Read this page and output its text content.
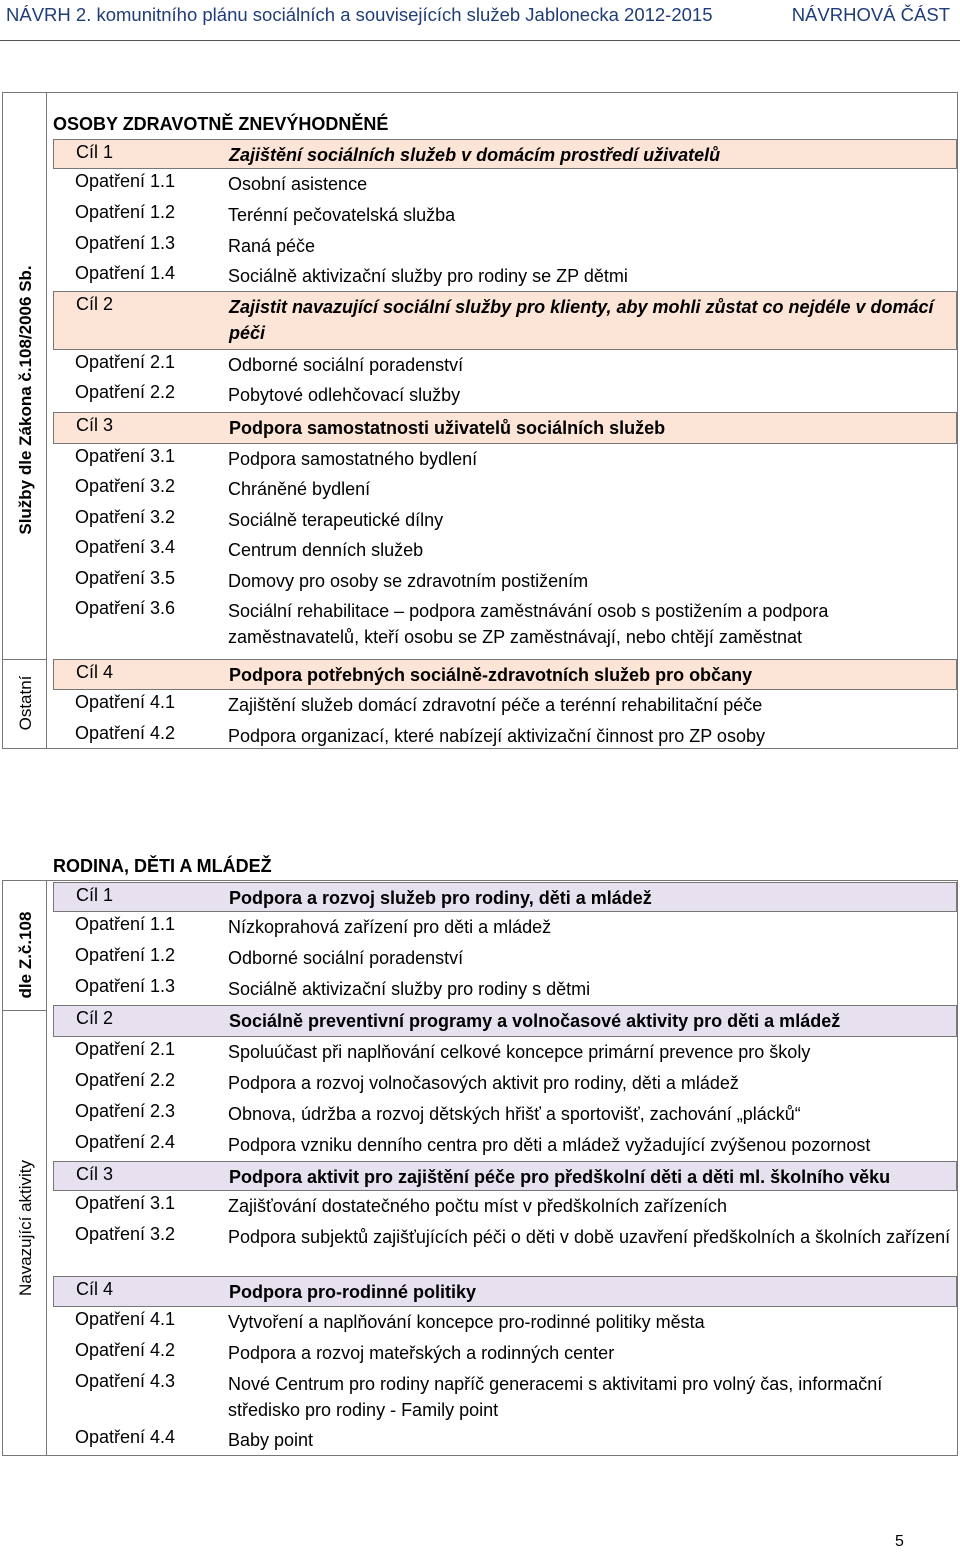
NÁVRH 2. komunitního plánu sociálních a souvisejících služeb Jablonecka 2012-2015	NÁVRHOVÁ ČÁST
OSOBY ZDRAVOTNĚ ZNEVÝHODNĚNÉ
Služby dle Zákona č.108/2006 Sb.
Ostatní
Cíl 1	Zajištění sociálních služeb v domácím prostředí uživatelů
Opatření 1.1	Osobní asistence
Opatření 1.2	Terénní pečovatelská služba
Opatření 1.3	Raná péče
Opatření 1.4	Sociálně aktivizační služby pro rodiny se ZP dětmi
Cíl 2	Zajistit navazující sociální služby pro klienty, aby mohli zůstat co nejdéle v domácí péči
Opatření 2.1	Odborné sociální poradenství
Opatření 2.2	Pobytové odlehčovací služby
Cíl 3	Podpora samostatnosti uživatelů sociálních služeb
Opatření 3.1	Podpora samostatného bydlení
Opatření 3.2	Chráněné bydlení
Opatření 3.2	Sociálně terapeutické dílny
Opatření 3.4	Centrum denních služeb
Opatření 3.5	Domovy pro osoby se zdravotním postižením
Opatření 3.6	Sociální rehabilitace – podpora zaměstnávání osob s postižením a podpora zaměstnavatelů, kteří osobu se ZP zaměstnávají, nebo chtějí zaměstnat
Cíl 4	Podpora potřebných sociálně-zdravotních služeb pro občany
Opatření 4.1	Zajištění služeb domácí zdravotní péče a terénní rehabilitační péče
Opatření 4.2	Podpora organizací, které nabízejí aktivizační činnost pro ZP osoby
RODINA, DĚTI A MLÁDEŽ
dle Z.č.108
Navazující aktivity
Cíl 1	Podpora a rozvoj služeb pro rodiny, děti a mládež
Opatření 1.1	Nízkoprahová zařízení pro děti a mládež
Opatření 1.2	Odborné sociální poradenství
Opatření 1.3	Sociálně aktivizační služby pro rodiny s dětmi
Cíl 2	Sociálně preventivní programy a volnočasové aktivity pro děti a mládež
Opatření 2.1	Spoluúčast při naplňování celkové koncepce primární prevence pro školy
Opatření 2.2	Podpora a rozvoj volnočasových aktivit pro rodiny, děti a mládež
Opatření 2.3	Obnova, údržba a rozvoj dětských hřišť a sportovišť, zachování „plácků“
Opatření 2.4	Podpora vzniku denního centra pro děti a mládež vyžadující zvýšenou pozornost
Cíl 3	Podpora aktivit pro zajištění péče pro předškolní děti a děti ml. školního věku
Opatření 3.1	Zajišťování dostatečného počtu míst v předškolních zařízeních
Opatření 3.2	Podpora subjektů zajišťujících péči o děti v době uzavření předškolních a školních zařízení
Cíl 4	Podpora pro-rodinné politiky
Opatření 4.1	Vytvoření a naplňování koncepce pro-rodinné politiky města
Opatření 4.2	Podpora a rozvoj mateřských a rodinných center
Opatření 4.3	Nové Centrum pro rodiny napříč generacemi s aktivitami pro volný čas, informační středisko pro rodiny - Family point
Opatření 4.4	Baby point
5
